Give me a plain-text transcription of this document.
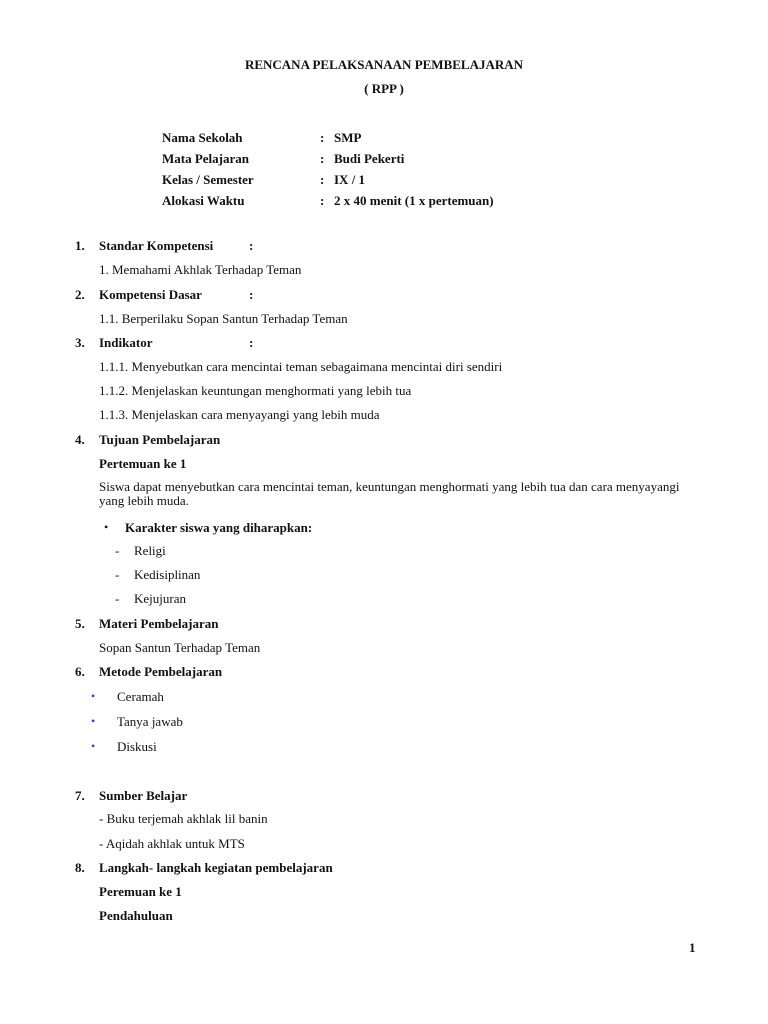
RENCANA PELAKSANAAN PEMBELAJARAN
( RPP )
Nama Sekolah	: SMP
Mata Pelajaran	: Budi Pekerti
Kelas / Semester	: IX / 1
Alokasi Waktu	: 2 x 40 menit (1 x pertemuan)
1. Standar Kompetensi	:
1. Memahami Akhlak Terhadap Teman
2. Kompetensi Dasar	:
1.1. Berperilaku Sopan Santun Terhadap Teman
3. Indikator	:
1.1.1. Menyebutkan cara mencintai teman sebagaimana mencintai diri sendiri
1.1.2. Menjelaskan keuntungan menghormati yang lebih tua
1.1.3. Menjelaskan cara menyayangi yang lebih muda
4. Tujuan Pembelajaran
Pertemuan ke 1
Siswa dapat menyebutkan cara mencintai teman, keuntungan menghormati yang lebih tua dan cara menyayangi yang lebih muda.
• Karakter siswa yang diharapkan:
- Religi
- Kedisiplinan
- Kejujuran
5. Materi Pembelajaran
Sopan Santun Terhadap Teman
6. Metode Pembelajaran
• Ceramah
• Tanya jawab
• Diskusi
7. Sumber Belajar
- Buku terjemah akhlak lil banin
- Aqidah akhlak untuk MTS
8. Langkah- langkah kegiatan pembelajaran
Peremuan ke 1
Pendahuluan
1
